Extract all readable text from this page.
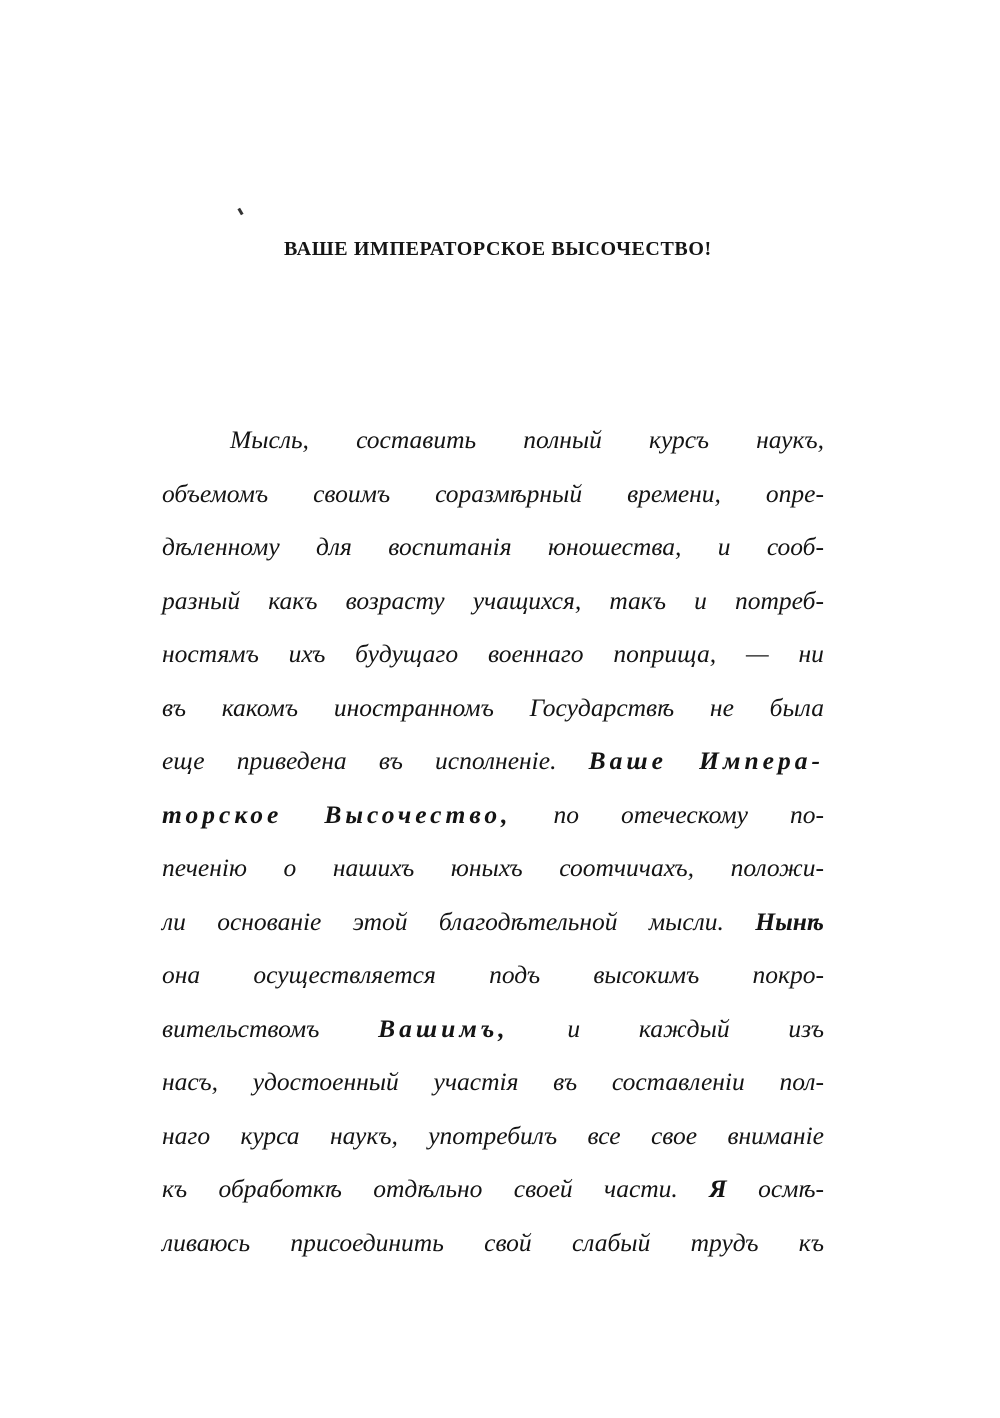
ВАШЕ ИМПЕРАТОРСКОЕ ВЫСОЧЕСТВО!
Мысль, составить полный курсъ наукъ,
объемомъ своимъ соразмѣрный времени, опре-
дѣленному для воспитанія юношества, и сооб-
разный какъ возрасту учащихся, такъ и потреб-
ностямъ ихъ будущаго военнаго поприща, — ни
въ какомъ иностранномъ Государствѣ не была
еще приведена въ исполненіе. Ваше Импера-
торское Высочество, по отеческому по-
печенію о нашихъ юныхъ соотчичахъ, положи-
ли основаніе этой благодѣтельной мысли. Нынѣ
она осуществляется подъ высокимъ покро-
вительствомъ Вашимъ, и каждый изъ
насъ, удостоенный участія въ составленіи пол-
наго курса наукъ, употребилъ все свое вниманіе
къ обработкѣ отдѣльно своей части. Я осмѣ-
ливаюсь присоединить свой слабый трудъ къ
